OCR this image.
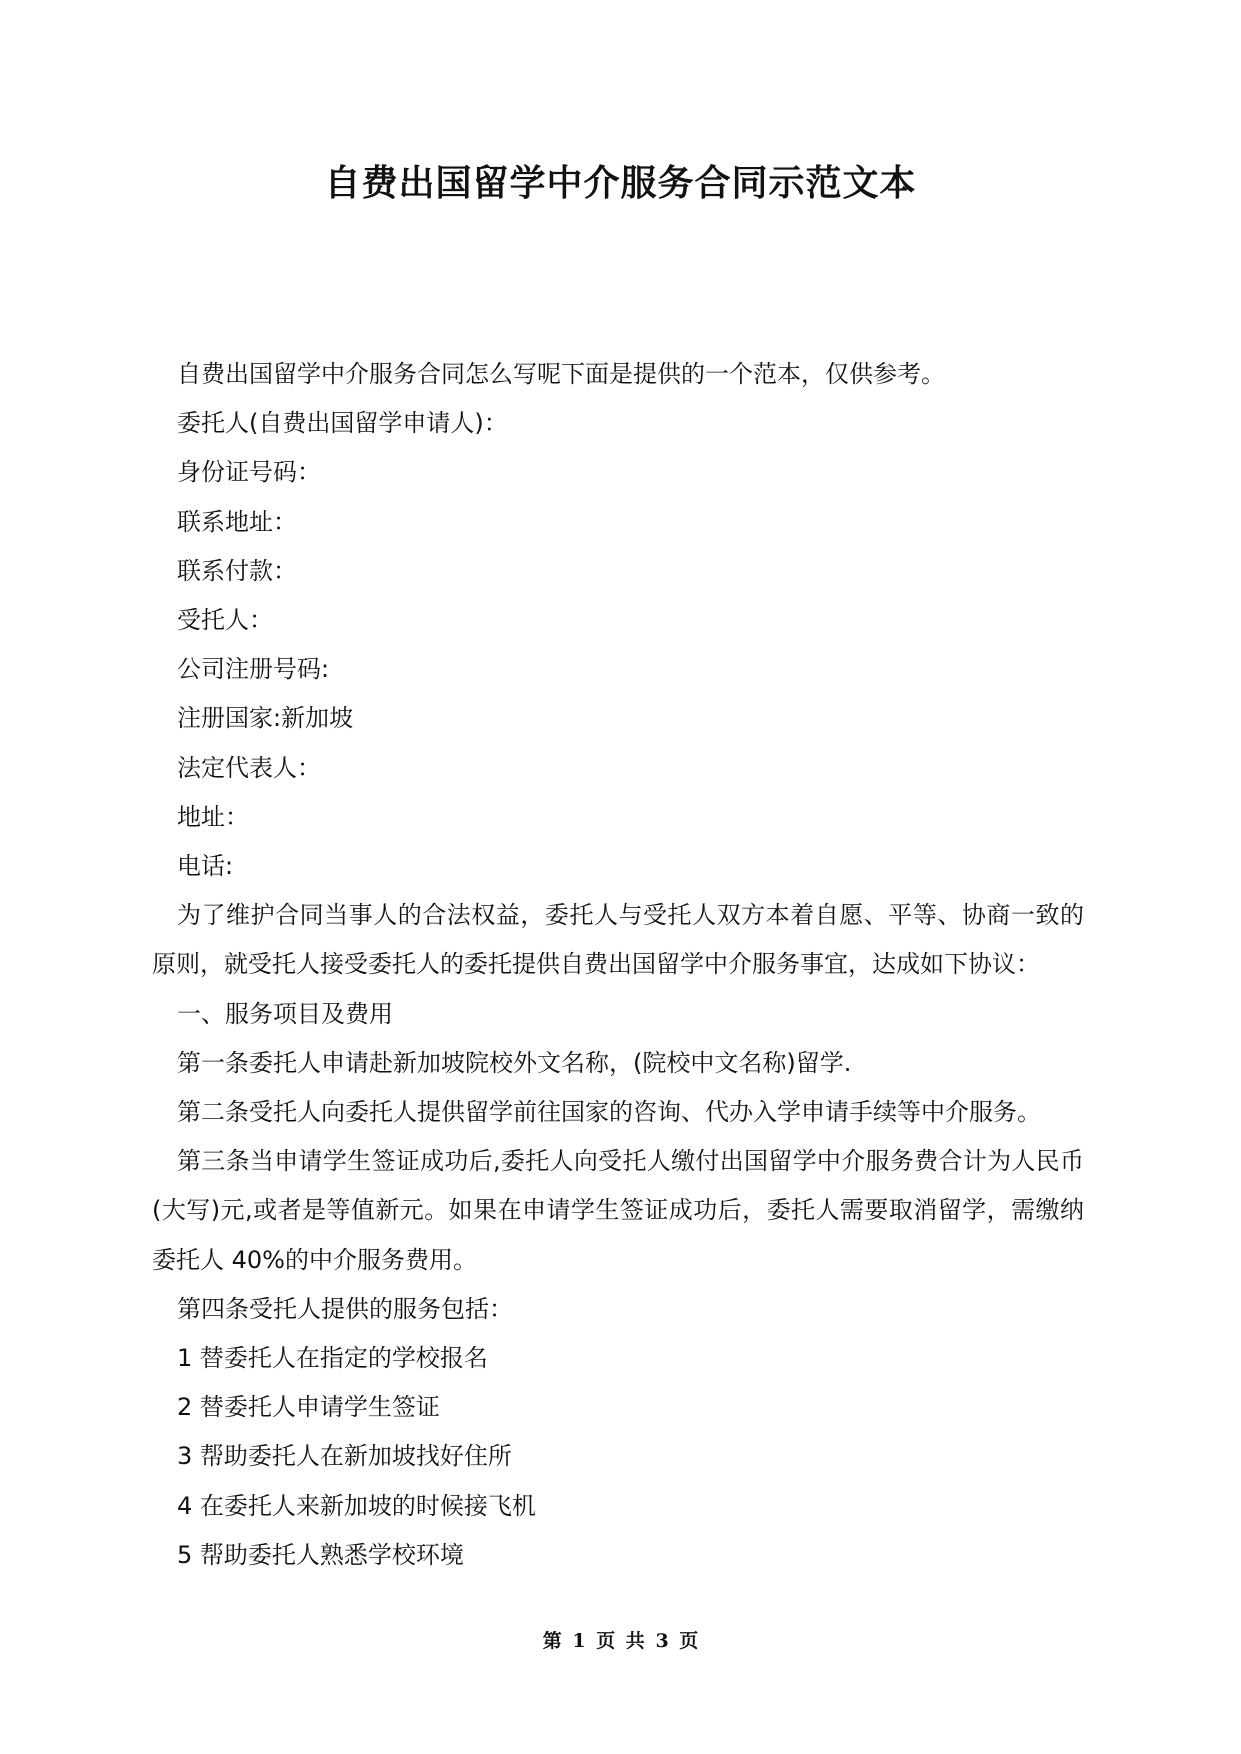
自费出国留学中介服务合同示范文本

自费出国留学中介服务合同怎么写呢下面是提供的一个范本，仅供参考。

委托人(自费出国留学申请人)：

身份证号码：

联系地址：

联系付款：

受托人：

公司注册号码:

注册国家:新加坡

法定代表人：

地址：

电话:

为了维护合同当事人的合法权益，委托人与受托人双方本着自愿、平等、协商一致的原则，就受托人接受委托人的委托提供自费出国留学中介服务事宜，达成如下协议：

一、服务项目及费用

第一条委托人申请赴新加坡院校外文名称，(院校中文名称)留学.

第二条受托人向委托人提供留学前往国家的咨询、代办入学申请手续等中介服务。

第三条当申请学生签证成功后,委托人向受托人缴付出国留学中介服务费合计为人民币(大写)元,或者是等值新元。如果在申请学生签证成功后，委托人需要取消留学，需缴纳委托人 40%的中介服务费用。

第四条受托人提供的服务包括：

1 替委托人在指定的学校报名

2 替委托人申请学生签证

3 帮助委托人在新加坡找好住所

4 在委托人来新加坡的时候接飞机

5 帮助委托人熟悉学校环境

第 1 页 共 3 页
